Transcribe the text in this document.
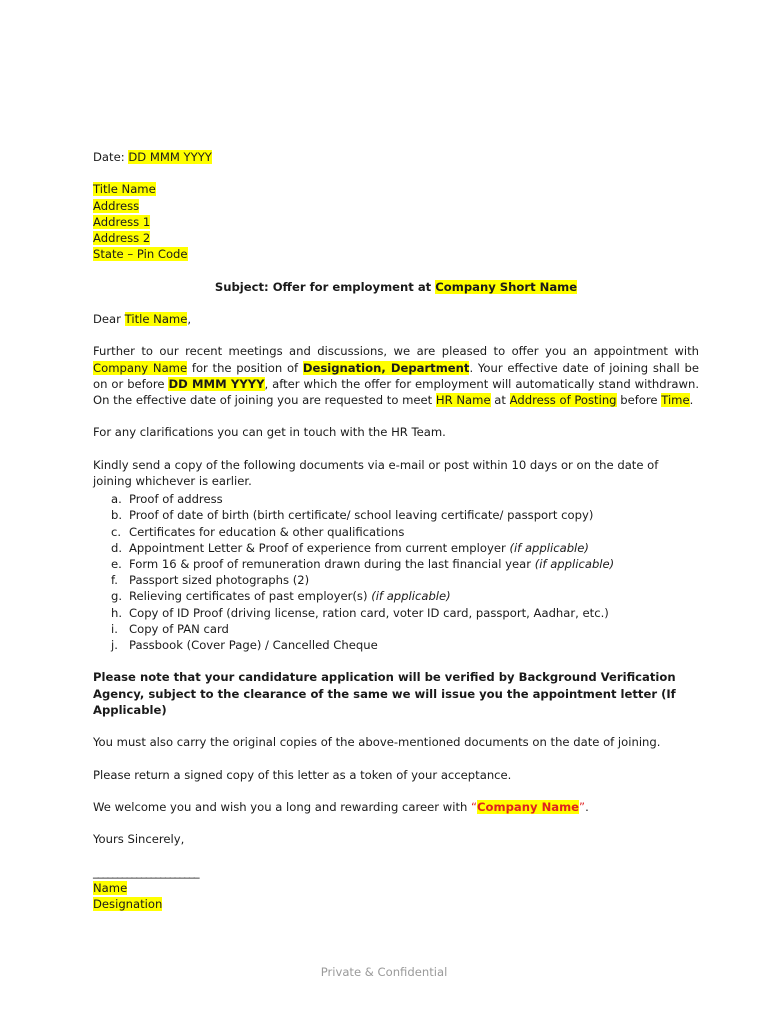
Date: DD MMM YYYY

Title Name

Address

Address 1

Address 2

State – Pin Code

Subject: Offer for employment at Company Short Name

Dear Title Name,

Further to our recent meetings and discussions, we are pleased to offer you an appointment with Company Name for the position of Designation, Department. Your effective date of joining shall be on or before DD MMM YYYY, after which the offer for employment will automatically stand withdrawn. On the effective date of joining you are requested to meet HR Name at Address of Posting before Time.

For any clarifications you can get in touch with the HR Team.

Kindly send a copy of the following documents via e-mail or post within 10 days or on the date of joining whichever is earlier.

a. Proof of address
b. Proof of date of birth (birth certificate/ school leaving certificate/ passport copy)
c. Certificates for education & other qualifications
d. Appointment Letter & Proof of experience from current employer (if applicable)
e. Form 16 & proof of remuneration drawn during the last financial year (if applicable)
f. Passport sized photographs (2)
g. Relieving certificates of past employer(s) (if applicable)
h. Copy of ID Proof (driving license, ration card, voter ID card, passport, Aadhar, etc.)
i. Copy of PAN card
j. Passbook (Cover Page) / Cancelled Cheque

Please note that your candidature application will be verified by Background Verification Agency, subject to the clearance of the same we will issue you the appointment letter (If Applicable)

You must also carry the original copies of the above-mentioned documents on the date of joining.

Please return a signed copy of this letter as a token of your acceptance.

We welcome you and wish you a long and rewarding career with “Company Name”.

Yours Sincerely,

______________________

Name

Designation

Private & Confidential
